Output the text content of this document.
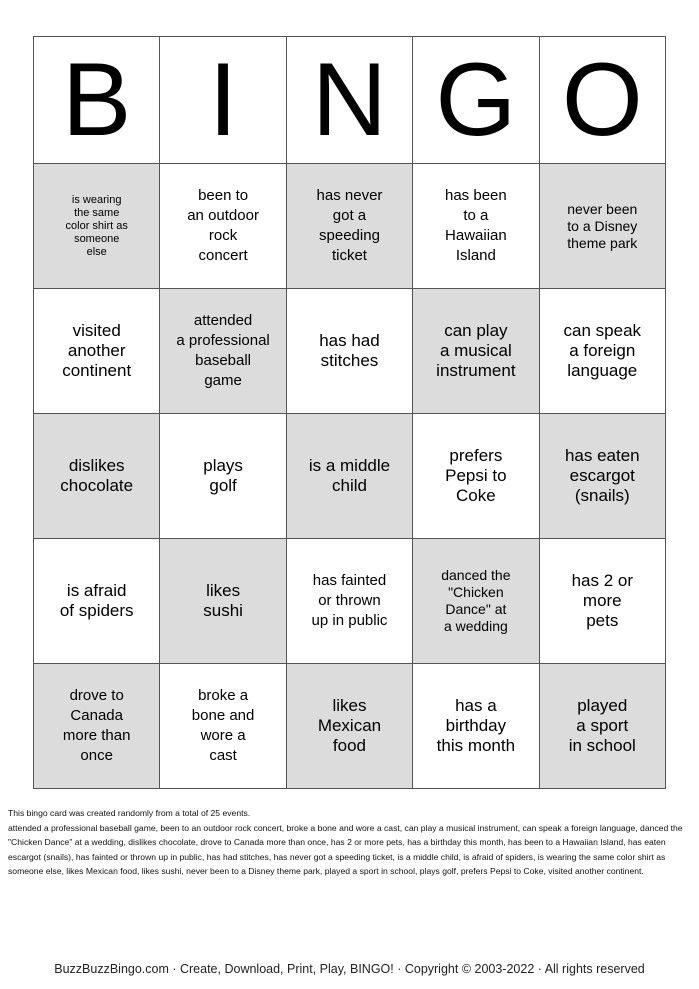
B	I	N	G	O
is wearing
the same
color shirt as
someone
else	been to
an outdoor
rock
concert	has never
got a
speeding
ticket	has been
to a
Hawaiian
Island	never been
to a Disney
theme park
visited
another
continent	attended
a professional
baseball
game	has had
stitches	can play
a musical
instrument	can speak
a foreign
language
dislikes
chocolate	plays
golf	is a middle
child	prefers
Pepsi to
Coke	has eaten
escargot
(snails)
is afraid
of spiders	likes
sushi	has fainted
or thrown
up in public	danced the
"Chicken
Dance" at
a wedding	has 2 or
more
pets
drove to
Canada
more than
once	broke a
bone and
wore a
cast	likes
Mexican
food	has a
birthday
this month	played
a sport
in school
This bingo card was created randomly from a total of 25 events.
attended a professional baseball game, been to an outdoor rock concert, broke a bone and wore a cast, can play a musical instrument, can speak a foreign language, danced the "Chicken Dance" at a wedding, dislikes chocolate, drove to Canada more than once, has 2 or more pets, has a birthday this month, has been to a Hawaiian Island, has eaten escargot (snails), has fainted or thrown up in public, has had stitches, has never got a speeding ticket, is a middle child, is afraid of spiders, is wearing the same color shirt as someone else, likes Mexican food, likes sushi, never been to a Disney theme park, played a sport in school, plays golf, prefers Pepsi to Coke, visited another continent.
BuzzBuzzBingo.com · Create, Download, Print, Play, BINGO! · Copyright © 2003-2022 · All rights reserved
